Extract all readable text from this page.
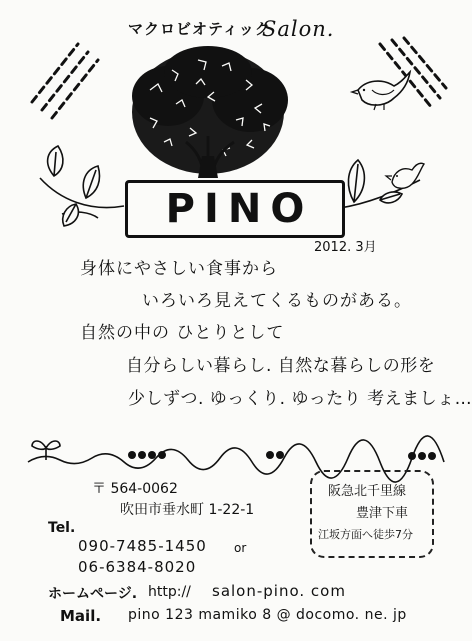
マクロビオティック
Salon.
PINO
2012. 3月
身体にやさしい食事から
いろいろ見えてくるものがある。
自然の中の ひとりとして
自分らしい暮らし. 自然な暮らしの形を
少しずつ. ゆっくり. ゆったり 考えましょ…
〒 564-0062
吹田市垂水町 1-22-1
Tel.
090-7485-1450 or
06-6384-8020
ホームページ. http:// salon-pino. com
Mail. pino 123 mamiko 8 @ docomo. ne. jp
阪急北千里線
豊津下車
江坂方面へ徒歩7分
